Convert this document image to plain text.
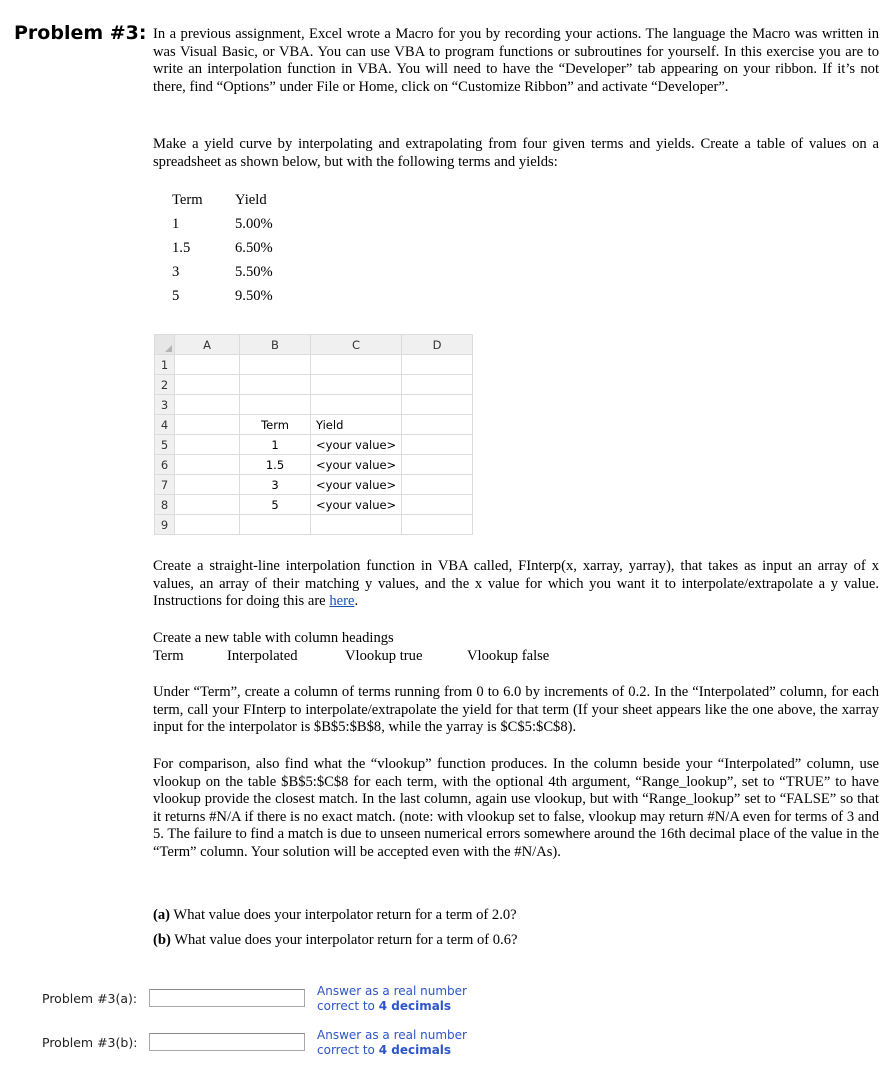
Problem #3: In a previous assignment, Excel wrote a Macro for you by recording your actions. The language the Macro was written in was Visual Basic, or VBA. You can use VBA to program functions or subroutines for yourself. In this exercise you are to write an interpolation function in VBA. You will need to have the “Developer” tab appearing on your ribbon. If it’s not there, find “Options” under File or Home, click on “Customize Ribbon” and activate “Developer”.

Make a yield curve by interpolating and extrapolating from four given terms and yields. Create a table of values on a spreadsheet as shown below, but with the following terms and yields:

Term Yield
1	5.00%
1.5	6.50%
3	5.50%
5	9.50%
	A	B	C	D
1				
2				
3				
4		Term	Yield	
5		1	<your value>	
6		1.5	<your value>	
7		3	<your value>	
8		5	<your value>	
9				

Create a straight-line interpolation function in VBA called, FInterp(x, xarray, yarray), that takes as input an array of x values, an array of their matching y values, and the x value for which you want it to interpolate/extrapolate a y value. Instructions for doing this are here.

Create a new table with column headings

Term	Interpolated	Vlookup true	Vlookup false

Under “Term”, create a column of terms running from 0 to 6.0 by increments of 0.2. In the “Interpolated” column, for each term, call your FInterp to interpolate/extrapolate the yield for that term (If your sheet appears like the one above, the xarray input for the interpolator is $B$5:$B$8, while the yarray is $C$5:$C$8).

For comparison, also find what the “vlookup” function produces. In the column beside your “Interpolated” column, use vlookup on the table $B$5:$C$8 for each term, with the optional 4th argument, “Range_lookup”, set to “TRUE” to have vlookup provide the closest match. In the last column, again use vlookup, but with “Range_lookup” set to “FALSE” so that it returns #N/A if there is no exact match. (note: with vlookup set to false, vlookup may return #N/A even for terms of 3 and 5. The failure to find a match is due to unseen numerical errors somewhere around the 16th decimal place of the value in the “Term” column. Your solution will be accepted even with the #N/As).

(a) What value does your interpolator return for a term of 2.0?
(b) What value does your interpolator return for a term of 0.6?
Problem #3(a):	Answer as a real number
correct to 4 decimals
Problem #3(b):	Answer as a real number
correct to 4 decimals
